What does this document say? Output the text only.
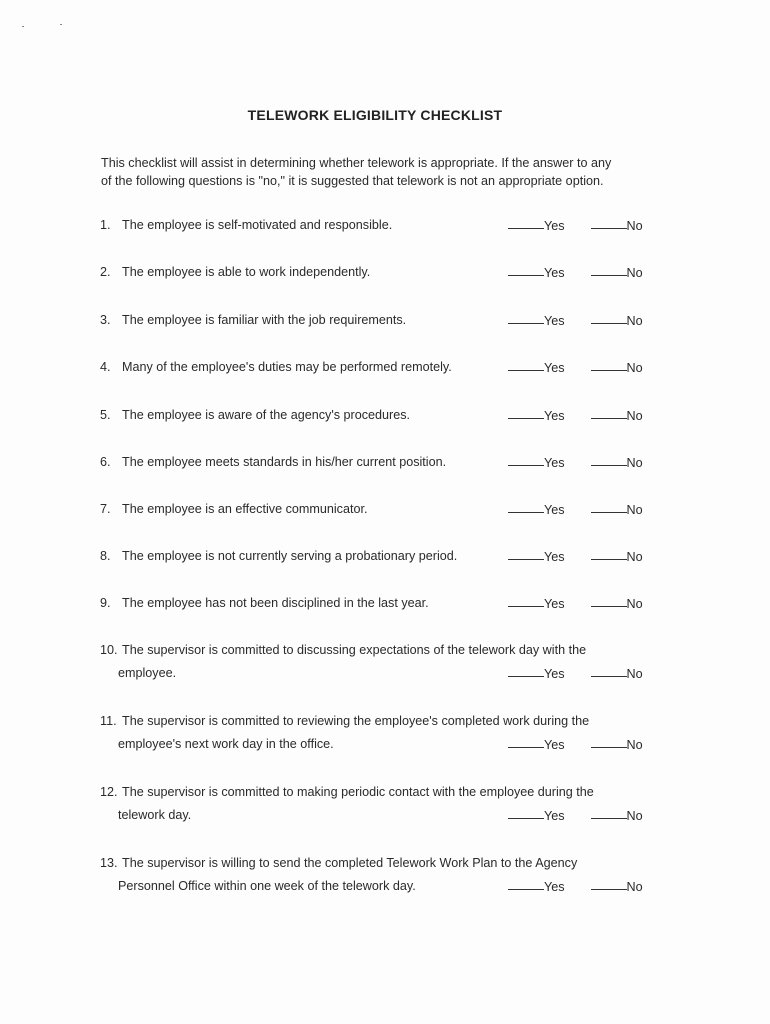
TELEWORK ELIGIBILITY CHECKLIST
This checklist will assist in determining whether telework is appropriate. If the answer to any
of the following questions is "no," it is suggested that telework is not an appropriate option.
1. The employee is self-motivated and responsible.	Yes	No
2. The employee is able to work independently.	Yes	No
3. The employee is familiar with the job requirements.	Yes	No
4. Many of the employee's duties may be performed remotely.	Yes	No
5. The employee is aware of the agency's procedures.	Yes	No
6. The employee meets standards in his/her current position.	Yes	No
7. The employee is an effective communicator.	Yes	No
8. The employee is not currently serving a probationary period.	Yes	No
9. The employee has not been disciplined in the last year.	Yes	No
10. The supervisor is committed to discussing expectations of the telework day with the
employee.	Yes	No
11. The supervisor is committed to reviewing the employee's completed work during the
employee's next work day in the office.	Yes	No
12. The supervisor is committed to making periodic contact with the employee during the
telework day.	Yes	No
13. The supervisor is willing to send the completed Telework Work Plan to the Agency
Personnel Office within one week of the telework day.	Yes	No
